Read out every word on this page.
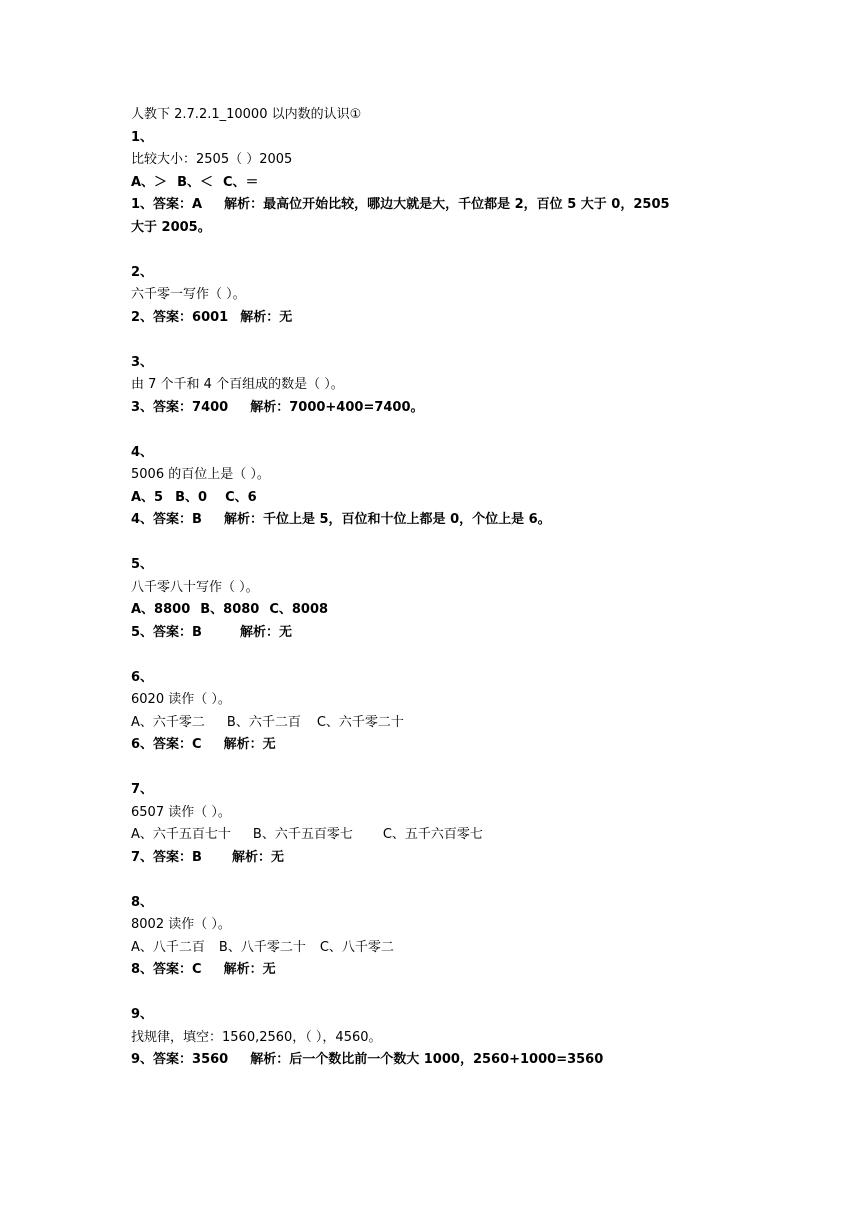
人教下 2.7.2.1_10000 以内数的认识①
1、
比较大小：2505（ ）2005
A、＞ B、＜ C、＝
1、答案：A 解析：最高位开始比较，哪边大就是大，千位都是 2，百位 5 大于 0，2505
大于 2005。
2、
六千零一写作（ ）。
2、答案：6001 解析：无
3、
由 7 个千和 4 个百组成的数是（ ）。
3、答案：7400 解析：7000+400=7400。
4、
5006 的百位上是（ ）。
A、5 B、0 C、6
4、答案：B 解析：千位上是 5，百位和十位上都是 0，个位上是 6。
5、
八千零八十写作（ ）。
A、8800 B、8080 C、8008
5、答案：B	解析：无
6、
6020 读作（ ）。
A、六千零二 B、六千二百 C、六千零二十
6、答案：C 解析：无
7、
6507 读作（ ）。
A、六千五百七十 B、六千五百零七 C、五千六百零七
7、答案：B 解析：无
8、
8002 读作（ ）。
A、八千二百 B、八千零二十 C、八千零二
8、答案：C 解析：无
9、
找规律，填空：1560,2560，（ ），4560。
9、答案：3560 解析：后一个数比前一个数大 1000，2560+1000=3560
